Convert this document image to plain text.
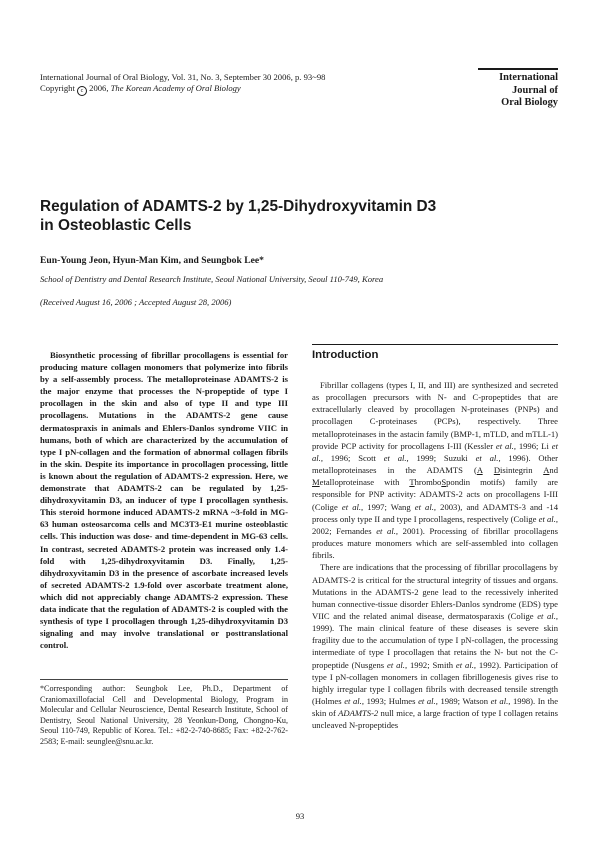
International Journal of Oral Biology, Vol. 31, No. 3, September 30 2006, p. 93~98
Copyright c 2006, The Korean Academy of Oral Biology
International
Journal of
Oral Biology
Regulation of ADAMTS-2 by 1,25-Dihydroxyvitamin D3
in Osteoblastic Cells
Eun-Young Jeon, Hyun-Man Kim, and Seungbok Lee*
School of Dentistry and Dental Research Institute, Seoul National University, Seoul 110-749, Korea
(Received August 16, 2006 ; Accepted August 28, 2006)
Biosynthetic processing of fibrillar procollagens is essential for producing mature collagen monomers that polymerize into fibrils by a self-assembly process. The metalloproteinase ADAMTS-2 is the major enzyme that processes the N-propeptide of type I procollagen in the skin and also of type II and type III procollagens. Mutations in the ADAMTS-2 gene cause dermatospraxis in animals and Ehlers-Danlos syndrome VIIC in humans, both of which are characterized by the accumulation of type I pN-collagen and the formation of abnormal collagen fibrils in the skin. Despite its importance in procollagen processing, little is known about the regulation of ADAMTS-2 expression. Here, we demonstrate that ADAMTS-2 can be regulated by 1,25-dihydroxyvitamin D3, an inducer of type I procollagen synthesis. This steroid hormone induced ADAMTS-2 mRNA ~3-fold in MG-63 human osteosarcoma cells and MC3T3-E1 murine osteoblastic cells. This induction was dose- and time-dependent in MG-63 cells. In contrast, secreted ADAMTS-2 protein was increased only 1.4-fold with 1,25-dihydroxyvitamin D3. Finally, 1,25-dihydroxyvitamin D3 in the presence of ascorbate increased levels of secreted ADAMTS-2 1.9-fold over ascorbate treatment alone, which did not appreciably change ADAMTS-2 expression. These data indicate that the regulation of ADAMTS-2 is coupled with the synthesis of type I procollagen through 1,25-dihydroxyvitamin D3 signaling and may involve translational or posttranslational control.
*Corresponding author: Seungbok Lee, Ph.D., Department of Craniomaxillofacial Cell and Developmental Biology, Program in Molecular and Cellular Neuroscience, Dental Research Institute, School of Dentistry, Seoul National University, 28 Yeonkun-Dong, Chongno-Ku, Seoul 110-749, Republic of Korea. Tel.: +82-2-740-8685; Fax: +82-2-762-2583; E-mail: seunglee@snu.ac.kr.
Introduction

Fibrillar collagens (types I, II, and III) are synthesized and secreted as procollagen precursors with N- and C-propeptides that are extracellularly cleaved by procollagen N-proteinases (PNPs) and procollagen C-proteinases (PCPs), respectively. Three metalloproteinases in the astacin family (BMP-1, mTLD, and mTLL-1) provide PCP activity for procollagens I-III (Kessler et al., 1996; Li et al., 1996; Scott et al., 1999; Suzuki et al., 1996). Other metalloproteinases in the ADAMTS (A Disintegrin And Metalloproteinase with ThromboSpondin motifs) family are responsible for PNP activity: ADAMTS-2 acts on procollagens I-III (Colige et al., 1997; Wang et al., 2003), and ADAMTS-3 and -14 process only type II and type I procollagens, respectively (Colige et al., 2002; Fernandes et al., 2001). Processing of fibrillar procollagens produces mature monomers which are self-assembled into collagen fibrils.

There are indications that the processing of fibrillar procollagens by ADAMTS-2 is critical for the structural integrity of tissues and organs. Mutations in the ADAMTS-2 gene lead to the recessively inherited human connective-tissue disorder Ehlers-Danlos syndrome (EDS) type VIIC and the related animal disease, dermatosparaxis (Colige et al., 1999). The main clinical feature of these diseases is severe skin fragility due to the accumulation of type I pN-collagen, the processing intermediate of type I procollagen that retains the N- but not the C-propeptide (Nusgens et al., 1992; Smith et al., 1992). Participation of type I pN-collagen monomers in collagen fibrillogenesis gives rise to highly irregular type I collagen fibrils with decreased tensile strength (Holmes et al., 1993; Hulmes et al., 1989; Watson et al., 1998). In the skin of ADAMTS-2 null mice, a large fraction of type I collagen retains uncleaved N-propeptides

93
